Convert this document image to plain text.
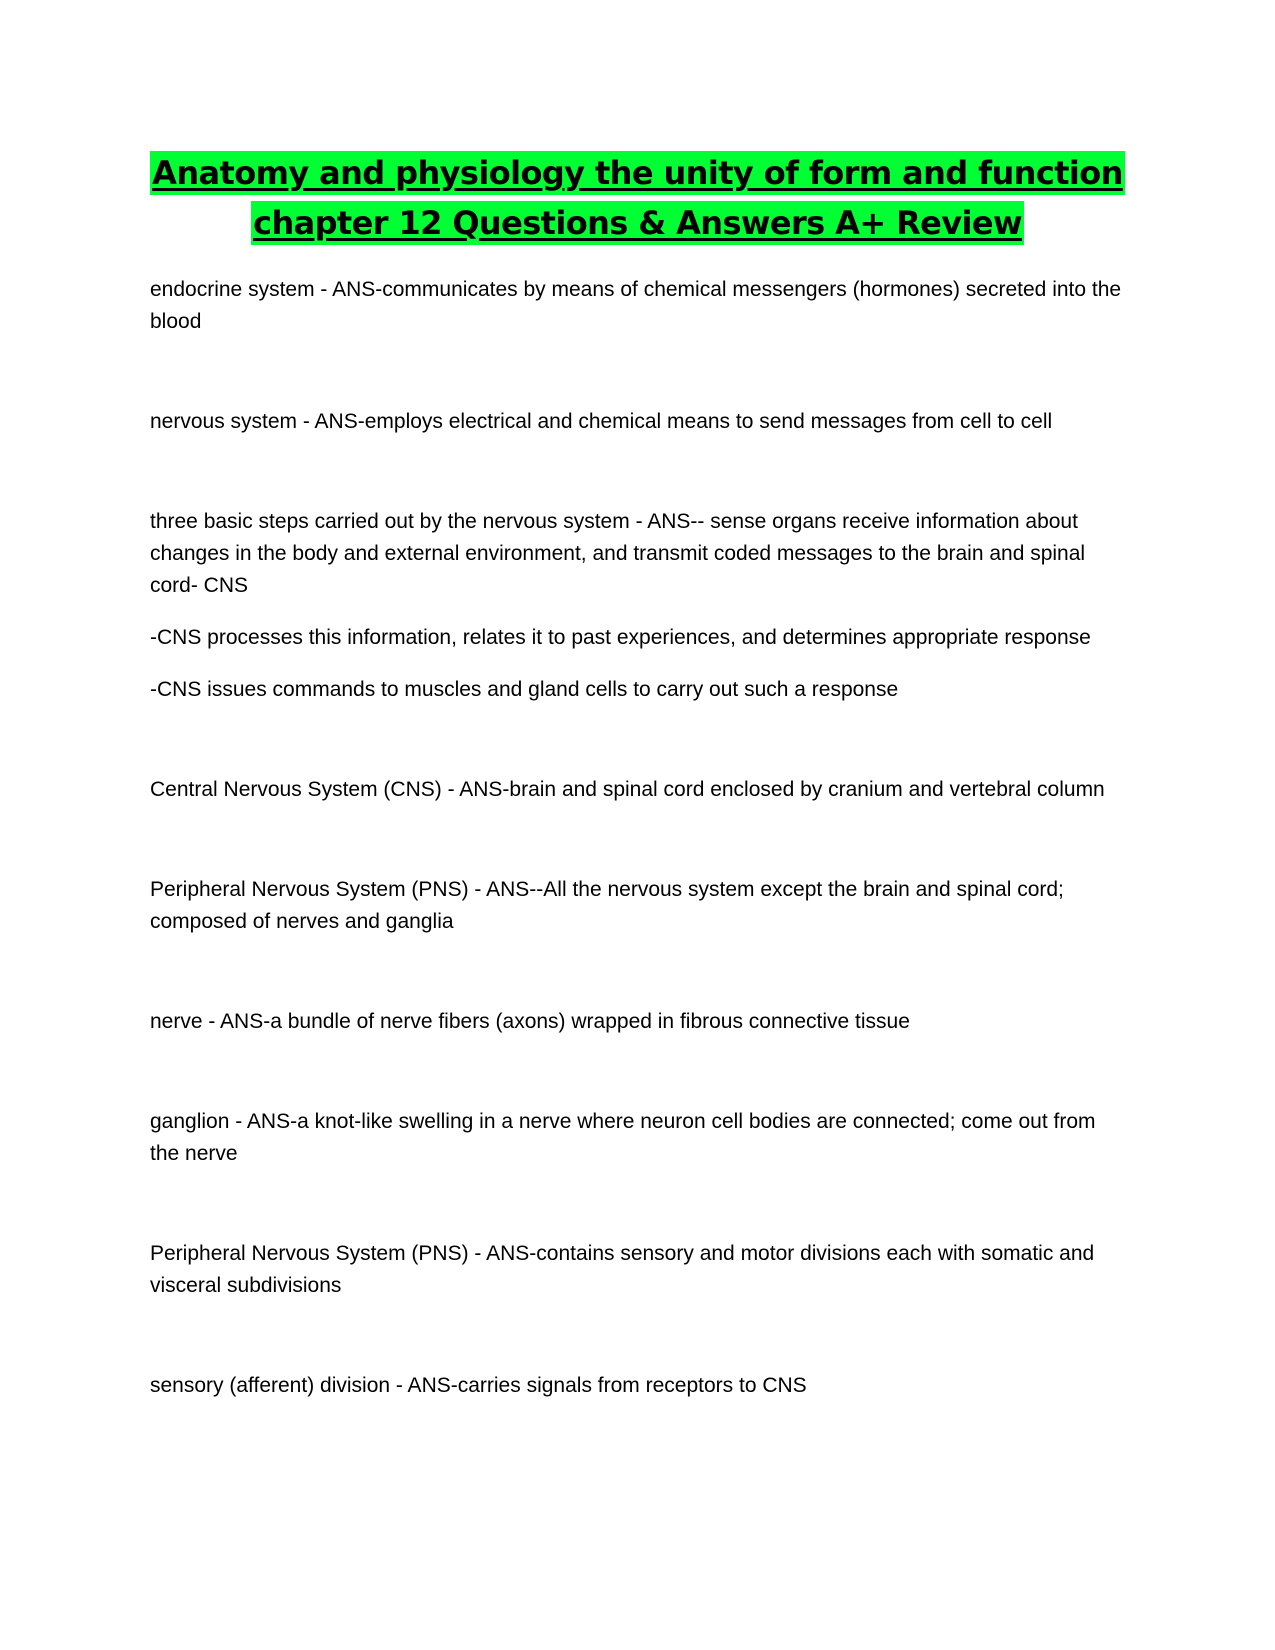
Anatomy and physiology the unity of form and function
chapter 12 Questions & Answers A+ Review

endocrine system - ANS-communicates by means of chemical messengers (hormones) secreted into the blood

nervous system - ANS-employs electrical and chemical means to send messages from cell to cell

three basic steps carried out by the nervous system - ANS-- sense organs receive information about changes in the body and external environment, and transmit coded messages to the brain and spinal cord- CNS

-CNS processes this information, relates it to past experiences, and determines appropriate response

-CNS issues commands to muscles and gland cells to carry out such a response

Central Nervous System (CNS) - ANS-brain and spinal cord enclosed by cranium and vertebral column

Peripheral Nervous System (PNS) - ANS--All the nervous system except the brain and spinal cord; composed of nerves and ganglia

nerve - ANS-a bundle of nerve fibers (axons) wrapped in fibrous connective tissue

ganglion - ANS-a knot-like swelling in a nerve where neuron cell bodies are connected; come out from the nerve

Peripheral Nervous System (PNS) - ANS-contains sensory and motor divisions each with somatic and visceral subdivisions

sensory (afferent) division - ANS-carries signals from receptors to CNS
